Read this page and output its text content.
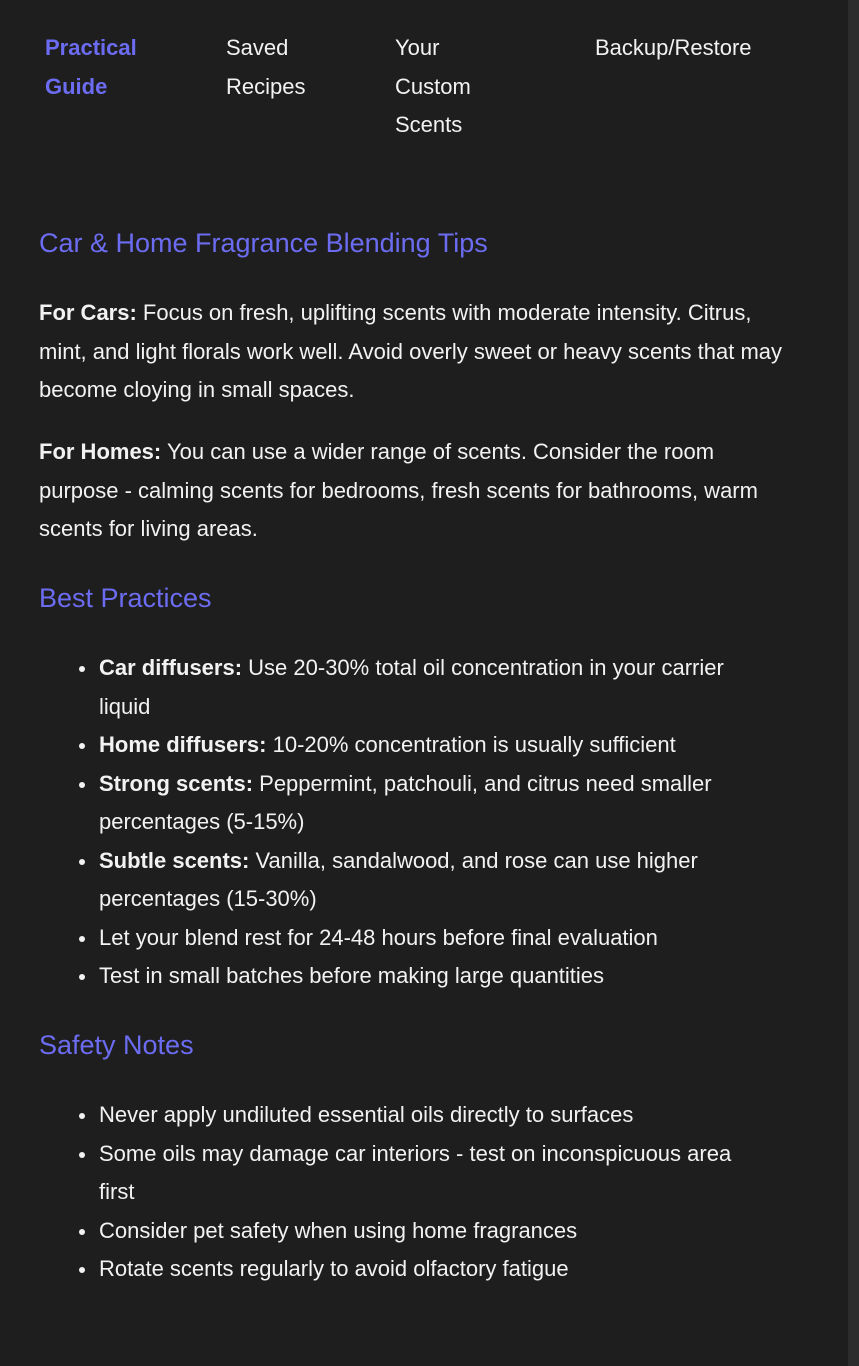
Practical Guide
Saved Recipes
Your Custom Scents
Backup/Restore
Car & Home Fragrance Blending Tips

For Cars: Focus on fresh, uplifting scents with moderate intensity. Citrus, mint, and light florals work well. Avoid overly sweet or heavy scents that may become cloying in small spaces.

For Homes: You can use a wider range of scents. Consider the room purpose - calming scents for bedrooms, fresh scents for bathrooms, warm scents for living areas.

Best Practices
Car diffusers: Use 20-30% total oil concentration in your carrier liquid
Home diffusers: 10-20% concentration is usually sufficient
Strong scents: Peppermint, patchouli, and citrus need smaller percentages (5-15%)
Subtle scents: Vanilla, sandalwood, and rose can use higher percentages (15-30%)
Let your blend rest for 24-48 hours before final evaluation
Test in small batches before making large quantities
Safety Notes
Never apply undiluted essential oils directly to surfaces
Some oils may damage car interiors - test on inconspicuous area first
Consider pet safety when using home fragrances
Rotate scents regularly to avoid olfactory fatigue
